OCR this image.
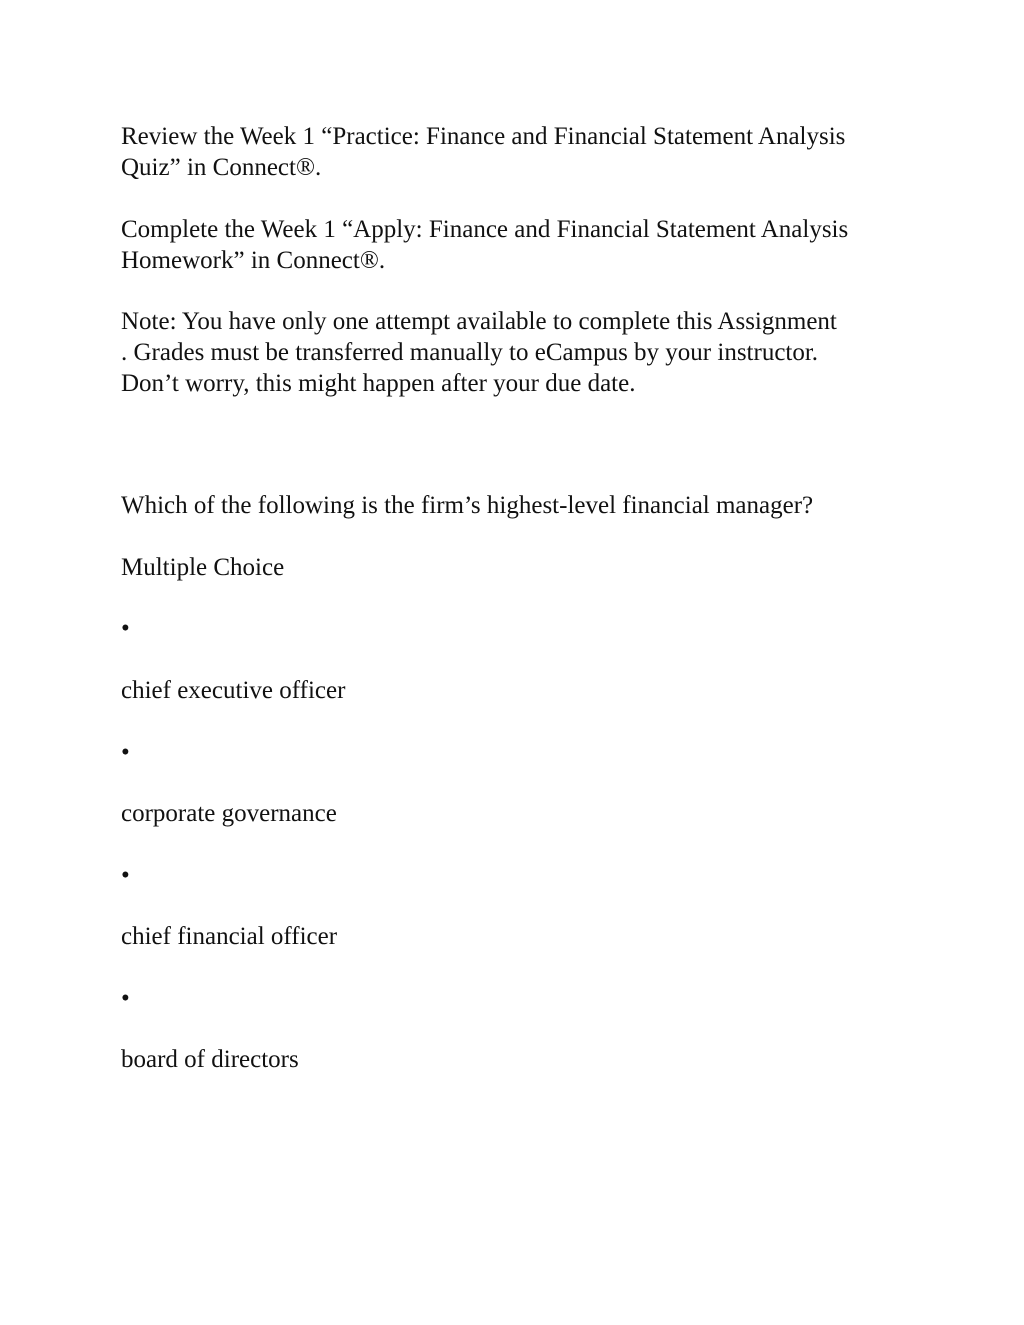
Review the Week 1 “Practice: Finance and Financial Statement Analysis

Quiz” in Connect®.

Complete the Week 1 “Apply: Finance and Financial Statement Analysis

Homework” in Connect®.

Note: You have only one attempt available to complete this Assignment

. Grades must be transferred manually to eCampus by your instructor.

Don’t worry, this might happen after your due date.

Which of the following is the firm’s highest-level financial manager?

Multiple Choice

•

chief executive officer

•

corporate governance

•

chief financial officer

•

board of directors
